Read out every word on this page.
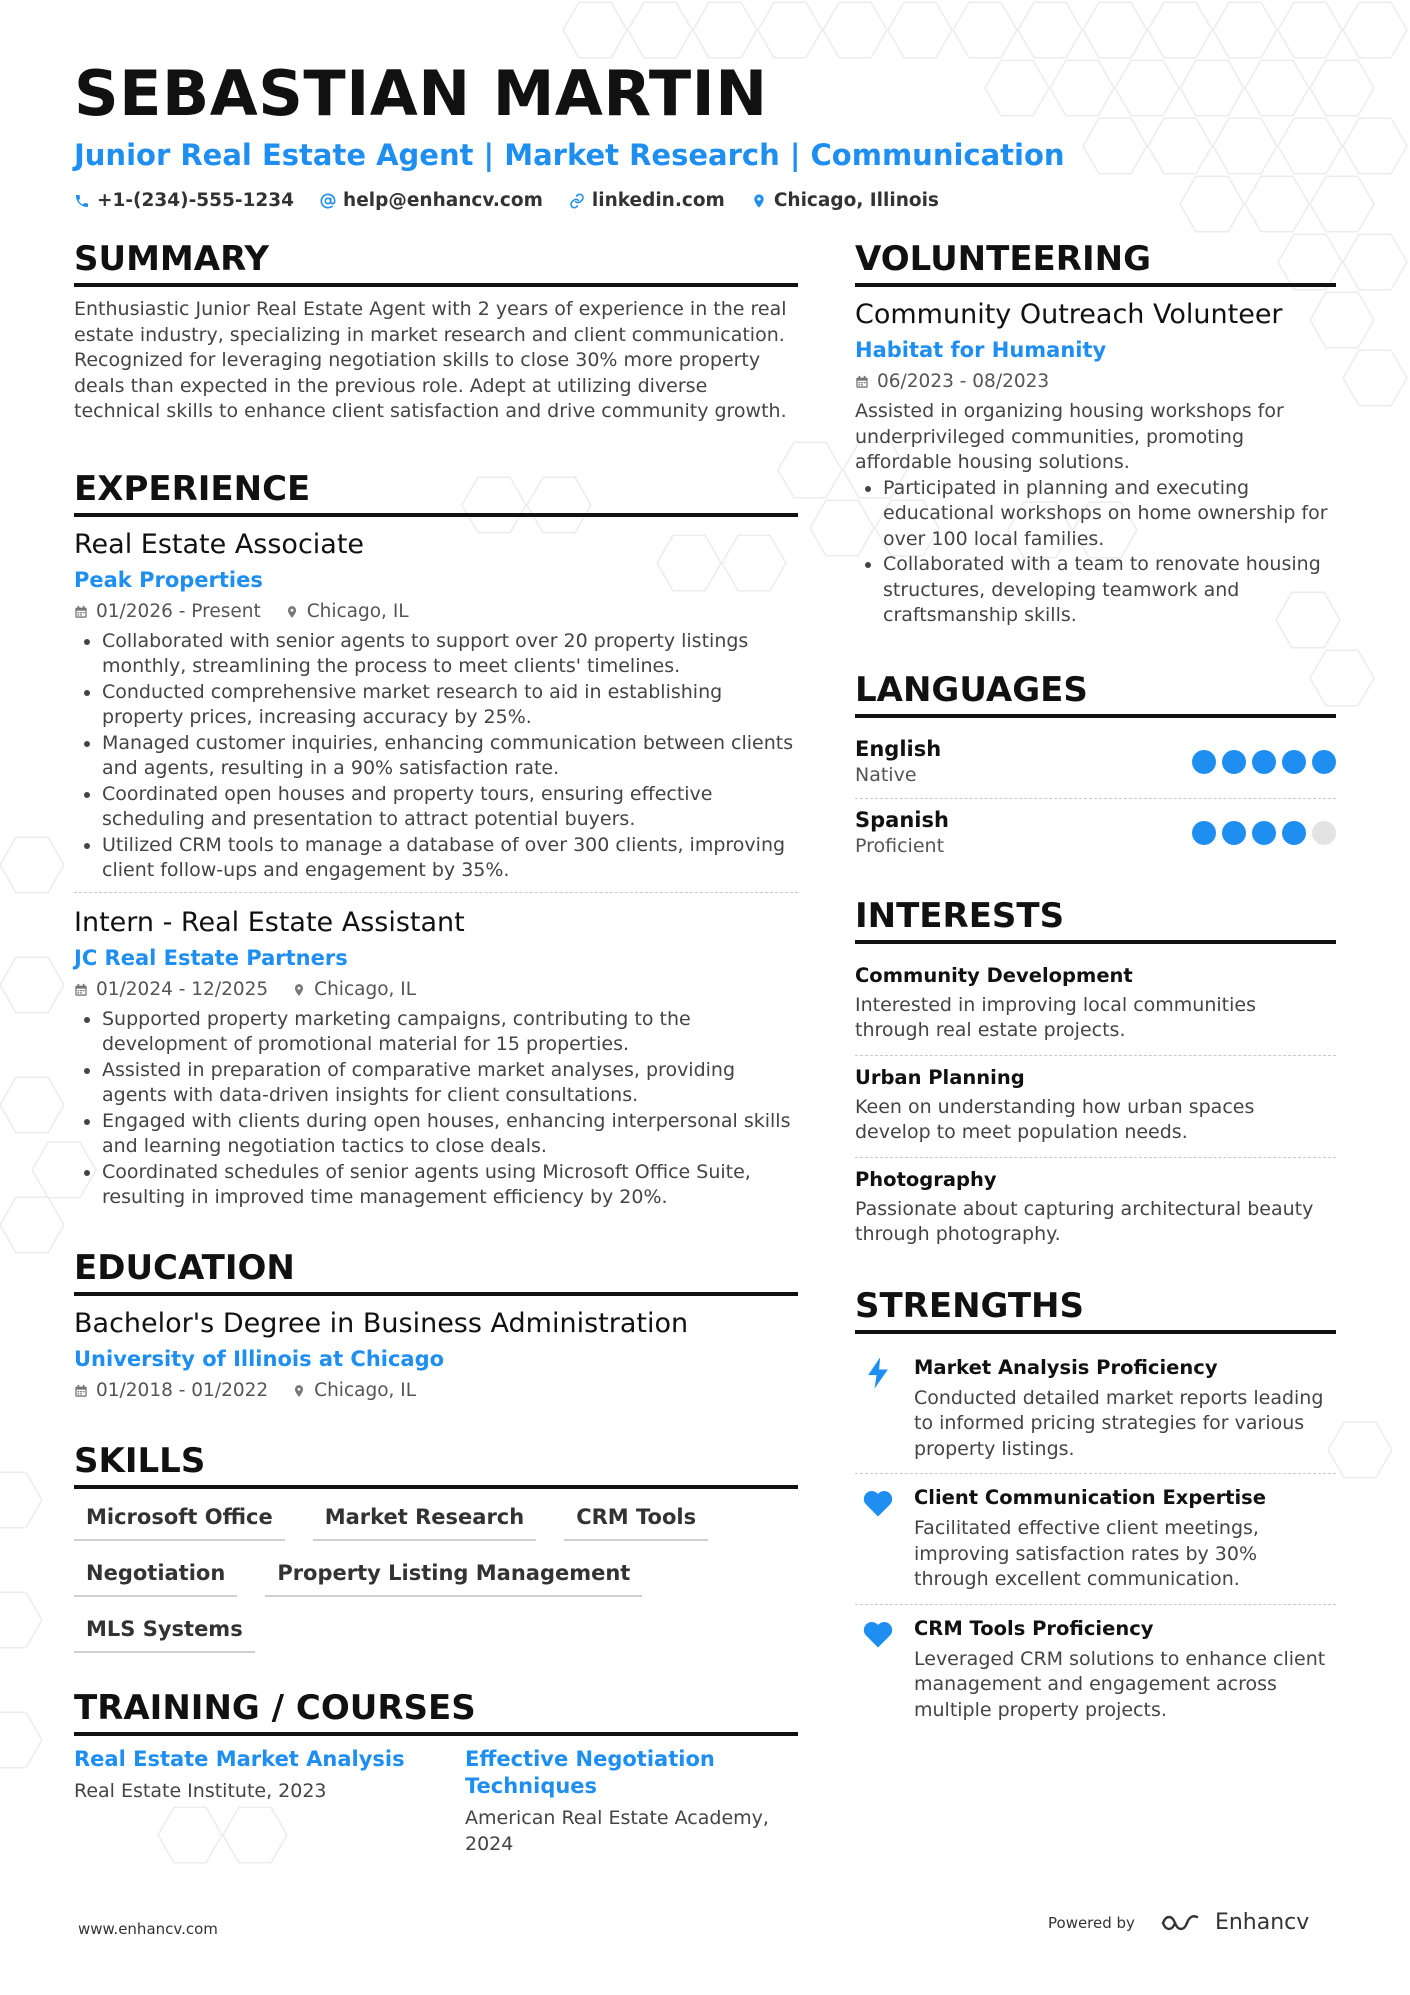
SEBASTIAN MARTIN
Junior Real Estate Agent | Market Research | Communication
+1-(234)-555-1234	help@enhancv.com	linkedin.com	Chicago, Illinois
SUMMARY

Enthusiastic Junior Real Estate Agent with 2 years of experience in the real estate industry, specializing in market research and client communication. Recognized for leveraging negotiation skills to close 30% more property deals than expected in the previous role. Adept at utilizing diverse technical skills to enhance client satisfaction and drive community growth.

EXPERIENCE
Real Estate Associate
Peak Properties
01/2026 - Present Chicago, IL
• Collaborated with senior agents to support over 20 property listings monthly, streamlining the process to meet clients' timelines.
• Conducted comprehensive market research to aid in establishing property prices, increasing accuracy by 25%.
• Managed customer inquiries, enhancing communication between clients and agents, resulting in a 90% satisfaction rate.
• Coordinated open houses and property tours, ensuring effective scheduling and presentation to attract potential buyers.
• Utilized CRM tools to manage a database of over 300 clients, improving client follow-ups and engagement by 35%.
Intern - Real Estate Assistant
JC Real Estate Partners
01/2024 - 12/2025 Chicago, IL
• Supported property marketing campaigns, contributing to the development of promotional material for 15 properties.
• Assisted in preparation of comparative market analyses, providing agents with data-driven insights for client consultations.
• Engaged with clients during open houses, enhancing interpersonal skills and learning negotiation tactics to close deals.
• Coordinated schedules of senior agents using Microsoft Office Suite, resulting in improved time management efficiency by 20%.
EDUCATION
Bachelor's Degree in Business Administration
University of Illinois at Chicago
01/2018 - 01/2022 Chicago, IL
SKILLS
Microsoft Office	Market Research	CRM Tools
Negotiation	Property Listing Management
MLS Systems
TRAINING / COURSES
Real Estate Market Analysis
Real Estate Institute, 2023
Effective Negotiation Techniques
American Real Estate Academy, 2024
VOLUNTEERING
Community Outreach Volunteer
Habitat for Humanity
06/2023 - 08/2023

Assisted in organizing housing workshops for underprivileged communities, promoting affordable housing solutions.

• Participated in planning and executing educational workshops on home ownership for over 100 local families.
• Collaborated with a team to renovate housing structures, developing teamwork and craftsmanship skills.
LANGUAGES
English
Native
Spanish
Proficient
INTERESTS
Community Development
Interested in improving local communities through real estate projects.
Urban Planning
Keen on understanding how urban spaces develop to meet population needs.
Photography
Passionate about capturing architectural beauty through photography.
STRENGTHS
Market Analysis Proficiency
Conducted detailed market reports leading to informed pricing strategies for various property listings.
Client Communication Expertise
Facilitated effective client meetings, improving satisfaction rates by 30% through excellent communication.
CRM Tools Proficiency
Leveraged CRM solutions to enhance client management and engagement across multiple property projects.
www.enhancv.com	Powered by	Enhancv
